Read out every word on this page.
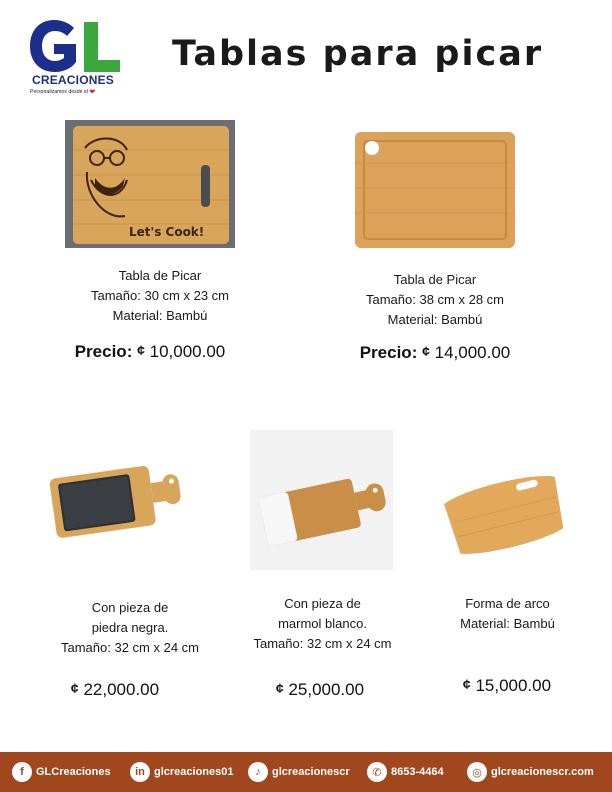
CREACIONES
Personalizamos desde el ❤
Tablas para picar
Let's Cook!
Tabla de Picar
Tamaño: 30 cm x 23 cm
Material: Bambú
Precio: ¢ 10,000.00
Tabla de Picar
Tamaño: 38 cm x 28 cm
Material: Bambú
Precio: ¢ 14,000.00
Con pieza de
piedra negra.
Tamaño: 32 cm x 24 cm
¢ 22,000.00
Con pieza de
marmol blanco.
Tamaño: 32 cm x 24 cm
¢ 25,000.00
Forma de arco
Material: Bambú
¢ 15,000.00
f	GLCreaciones	in glcreaciones01	♪	glcreacionescr	✆ 8653-4464	◎ glcreacionescr.com
